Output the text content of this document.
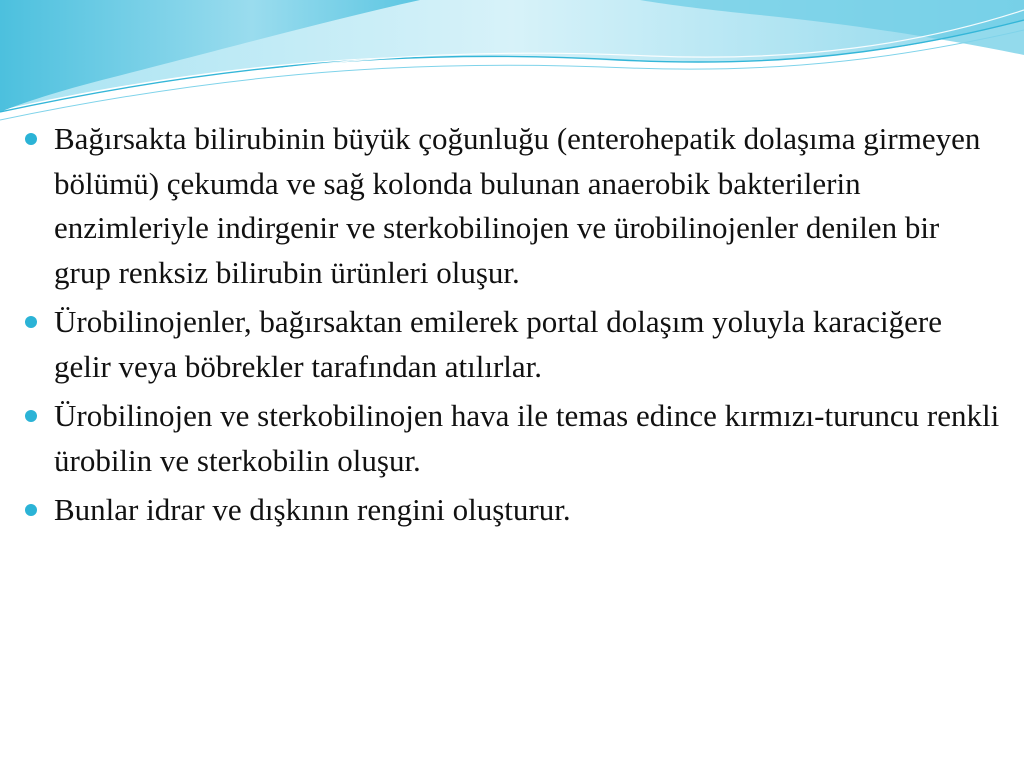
Bağırsakta bilirubinin büyük çoğunluğu (enterohepatik dolaşıma girmeyen bölümü) çekumda ve sağ kolonda bulunan anaerobik bakterilerin enzimleriyle indirgenir ve sterkobilinojen ve ürobilinojenler denilen bir grup renksiz bilirubin ürünleri oluşur.
Ürobilinojenler, bağırsaktan emilerek portal dolaşım yoluyla karaciğere gelir veya böbrekler tarafından atılırlar.
Ürobilinojen ve sterkobilinojen hava ile temas edince kırmızı-turuncu renkli ürobilin ve sterkobilin oluşur.
Bunlar idrar ve dışkının rengini oluşturur.
